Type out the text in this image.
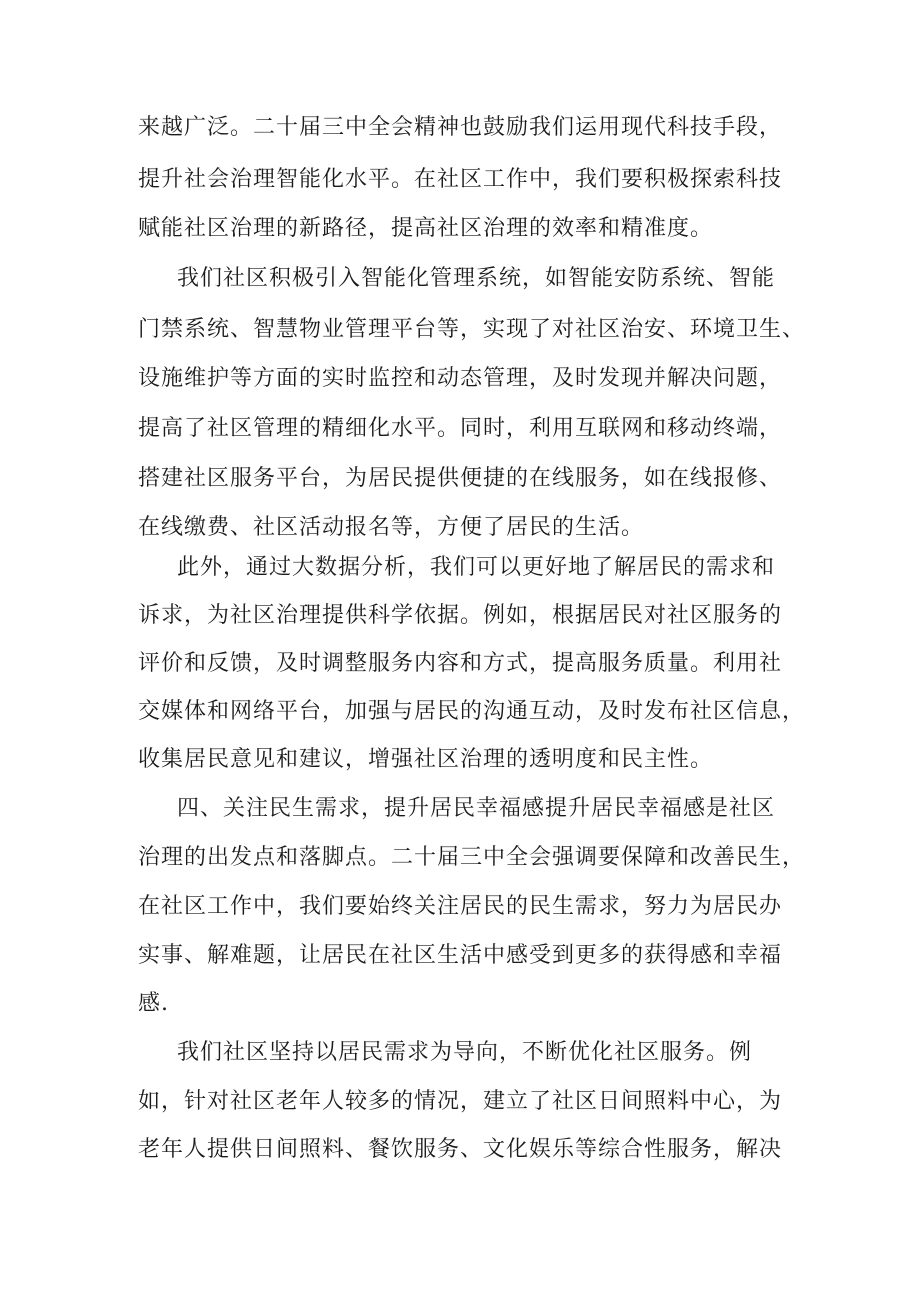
来越广泛。二十届三中全会精神也鼓励我们运用现代科技手段，
提升社会治理智能化水平。在社区工作中，我们要积极探索科技
赋能社区治理的新路径，提高社区治理的效率和精准度。
我们社区积极引入智能化管理系统，如智能安防系统、智能
门禁系统、智慧物业管理平台等，实现了对社区治安、环境卫生、
设施维护等方面的实时监控和动态管理，及时发现并解决问题，
提高了社区管理的精细化水平。同时，利用互联网和移动终端，
搭建社区服务平台，为居民提供便捷的在线服务，如在线报修、
在线缴费、社区活动报名等，方便了居民的生活。
此外，通过大数据分析，我们可以更好地了解居民的需求和
诉求，为社区治理提供科学依据。例如，根据居民对社区服务的
评价和反馈，及时调整服务内容和方式，提高服务质量。利用社
交媒体和网络平台，加强与居民的沟通互动，及时发布社区信息，
收集居民意见和建议，增强社区治理的透明度和民主性。
四、关注民生需求，提升居民幸福感提升居民幸福感是社区
治理的出发点和落脚点。二十届三中全会强调要保障和改善民生，
在社区工作中，我们要始终关注居民的民生需求，努力为居民办
实事、解难题，让居民在社区生活中感受到更多的获得感和幸福
感.
我们社区坚持以居民需求为导向，不断优化社区服务。例
如，针对社区老年人较多的情况，建立了社区日间照料中心，为
老年人提供日间照料、餐饮服务、文化娱乐等综合性服务，解决
